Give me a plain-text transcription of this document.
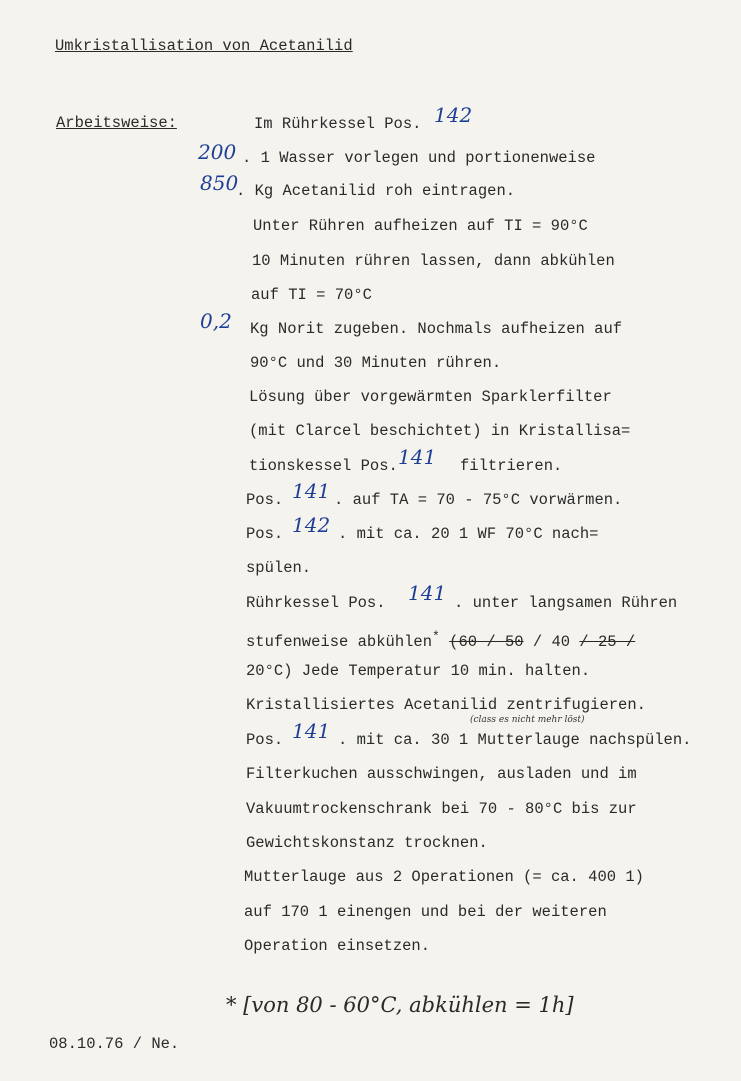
Umkristallisation von Acetanilid
Arbeitsweise:	Im Rührkessel Pos. 142
200 . 1 Wasser vorlegen und portionenweise
850
. Kg Acetanilid roh eintragen.
Unter Rühren aufheizen auf TI = 90°C
10 Minuten rühren lassen, dann abkühlen
auf TI = 70°C
0,2 Kg Norit zugeben. Nochmals aufheizen auf
90°C und 30 Minuten rühren.
Lösung über vorgewärmten Sparklerfilter
(mit Clarcel beschichtet) in Kristallisa=
tionskessel Pos. 141 filtrieren.
Pos. 141 . auf TA = 70 - 75°C vorwärmen.
Pos. 142 . mit ca. 20 1 WF 70°C nach=
spülen.
Rührkessel Pos. 141 . unter langsamen Rühren
stufenweise abkühlen* (60 / 50 / 40 / 25 /
20°C) Jede Temperatur 10 min. halten.
Kristallisiertes Acetanilid zentrifugieren.
(class es nicht mehr löst)
Pos. 141 . mit ca. 30 1 Mutterlauge nachspülen.
Filterkuchen ausschwingen, ausladen und im
Vakuumtrockenschrank bei 70 - 80°C bis zur
Gewichtskonstanz trocknen.
Mutterlauge aus 2 Operationen (= ca. 400 1)
auf 170 1 einengen und bei der weiteren
Operation einsetzen.
* [von 80 - 60°C, abkühlen = 1h]
08.10.76 / Ne.
